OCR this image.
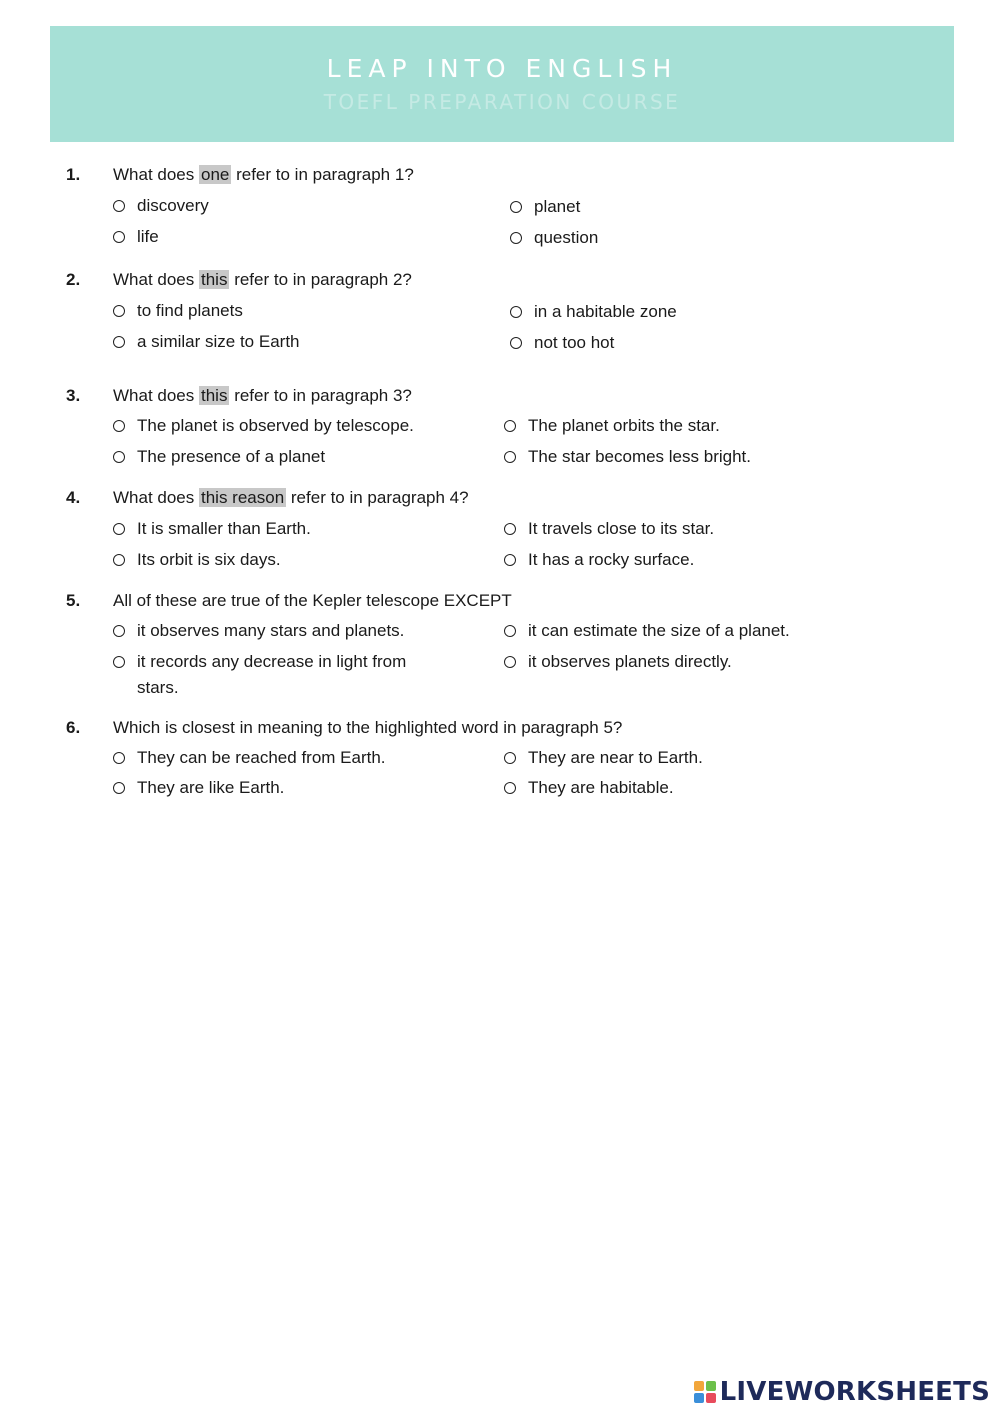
LEAP INTO ENGLISH
TOEFL PREPARATION COURSE
1. What does one refer to in paragraph 1?
discovery
life
planet
question
2. What does this refer to in paragraph 2?
to find planets
a similar size to Earth
in a habitable zone
not too hot
3. What does this refer to in paragraph 3?
The planet is observed by telescope.
The presence of a planet
The planet orbits the star.
The star becomes less bright.
4. What does this reason refer to in paragraph 4?
It is smaller than Earth.
Its orbit is six days.
It travels close to its star.
It has a rocky surface.
5. All of these are true of the Kepler telescope EXCEPT
it observes many stars and planets.
it records any decrease in light from stars.
it can estimate the size of a planet.
it observes planets directly.
6. Which is closest in meaning to the highlighted word in paragraph 5?
They can be reached from Earth.
They are like Earth.
They are near to Earth.
They are habitable.
LIVEWORKSHEETS
